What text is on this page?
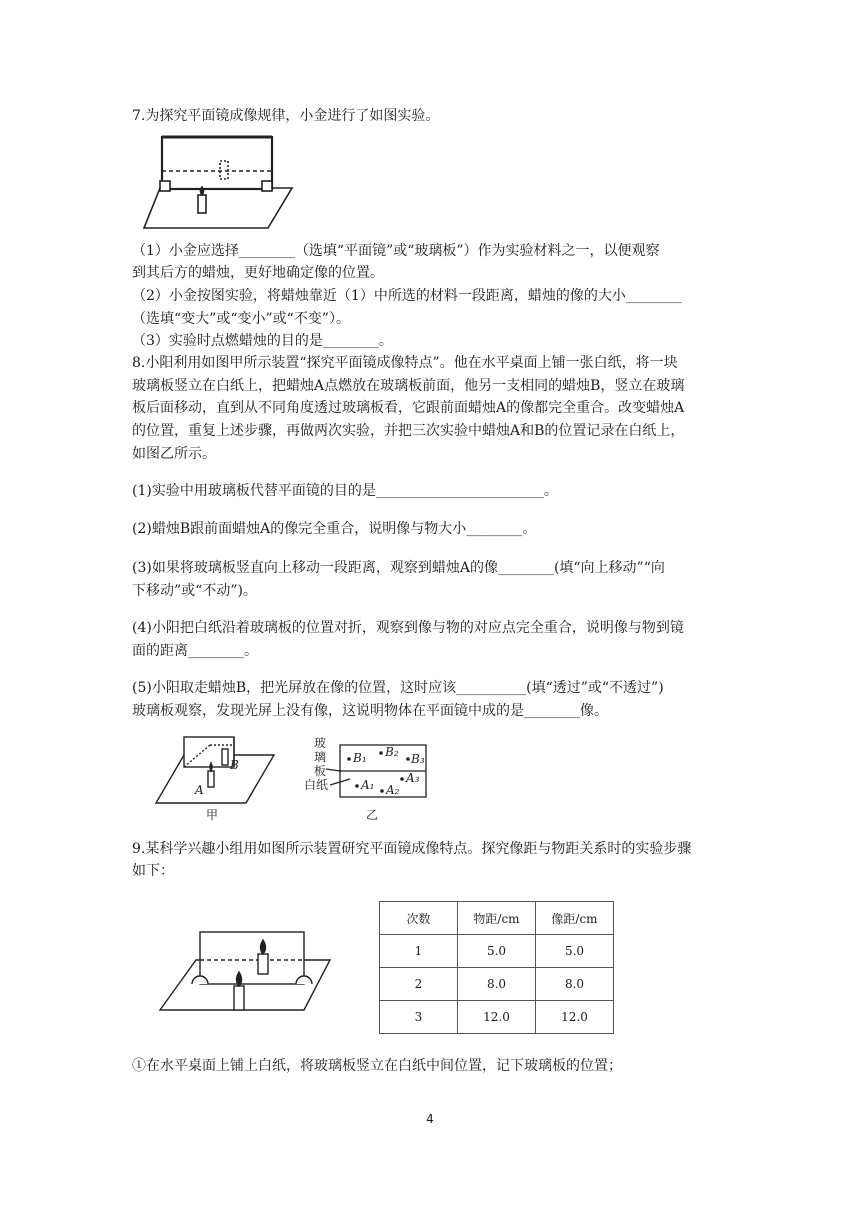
7.为探究平面镜成像规律，小金进行了如图实验。
（1）小金应选择________（选填“平面镜”或“玻璃板”）作为实验材料之一，以便观察
到其后方的蜡烛，更好地确定像的位置。
（2）小金按图实验，将蜡烛靠近（1）中所选的材料一段距离，蜡烛的像的大小________
（选填“变大”或“变小”或“不变”）。
（3）实验时点燃蜡烛的目的是________。
8.小阳利用如图甲所示装置“探究平面镜成像特点”。他在水平桌面上铺一张白纸，将一块
玻璃板竖立在白纸上，把蜡烛A点燃放在玻璃板前面，他另一支相同的蜡烛B，竖立在玻璃
板后面移动，直到从不同角度透过玻璃板看，它跟前面蜡烛A的像都完全重合。改变蜡烛A
的位置，重复上述步骤，再做两次实验，并把三次实验中蜡烛A和B的位置记录在白纸上，
如图乙所示。
(1)实验中用玻璃板代替平面镜的目的是________________________。
(2)蜡烛B跟前面蜡烛A的像完全重合，说明像与物大小________。
(3)如果将玻璃板竖直向上移动一段距离，观察到蜡烛A的像________(填“向上移动”“向
下移动”或“不动”)。
(4)小阳把白纸沿着玻璃板的位置对折，观察到像与物的对应点完全重合，说明像与物到镜
面的距离________。
(5)小阳取走蜡烛B，把光屏放在像的位置，这时应该__________(填“透过”或“不透过”)
玻璃板观察，发现光屏上没有像，这说明物体在平面镜中成的是________像。
B
A
甲
玻
璃
板
白纸
B₁ B₂ B₃
A₁ A₂
A₃
乙
9.某科学兴趣小组用如图所示装置研究平面镜成像特点。探究像距与物距关系时的实验步骤
如下：
次数	物距/cm	像距/cm
1	5.0	5.0
2	8.0	8.0
3	12.0	12.0
①在水平桌面上铺上白纸，将玻璃板竖立在白纸中间位置，记下玻璃板的位置；
4
